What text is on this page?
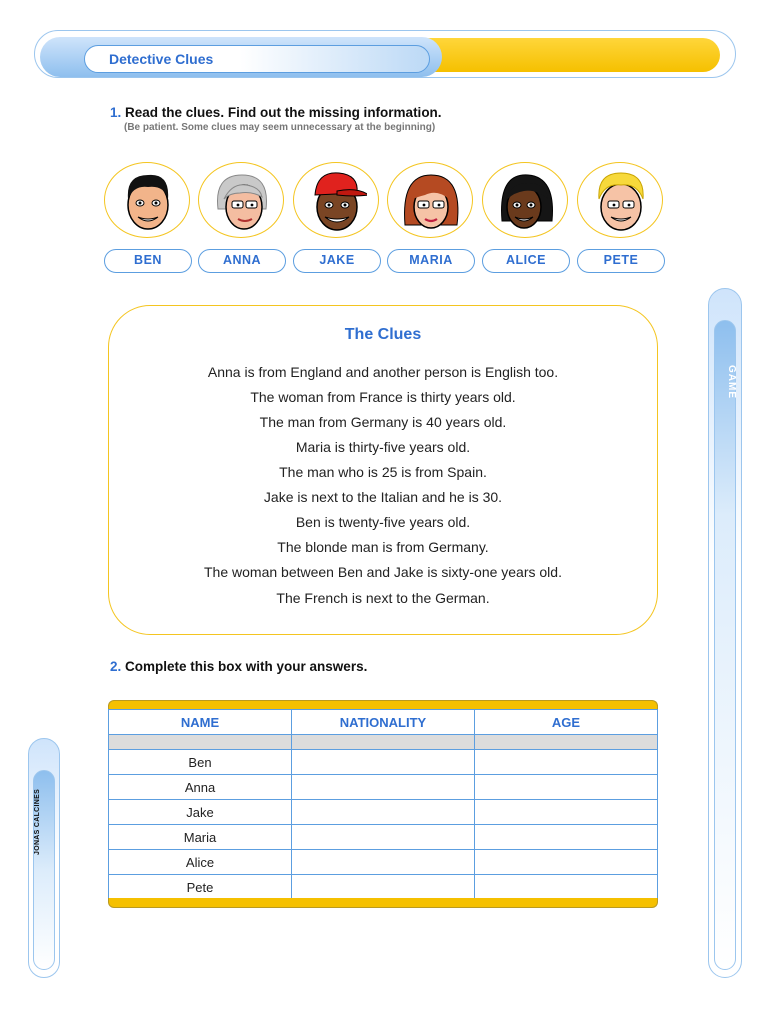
Detective Clues
1. Read the clues. Find out the missing information.
(Be patient. Some clues may seem unnecessary at the beginning)
BEN	ANNA	JAKE	MARIA	ALICE	PETE
The Clues
Anna is from England and another person is English too.
The woman from France is thirty years old.
The man from Germany is 40 years old.
Maria is thirty-five years old.
The man who is 25 is from Spain.
Jake is next to the Italian and he is 30.
Ben is twenty-five years old.
The blonde man is from Germany.
The woman between Ben and Jake is sixty-one years old.
The French is next to the German.
2. Complete this box with your answers.
NAME	NATIONALITY	AGE

Ben		
Anna		
Jake		
Maria		
Alice		
Pete		
GAME
JONAS CALCINES
